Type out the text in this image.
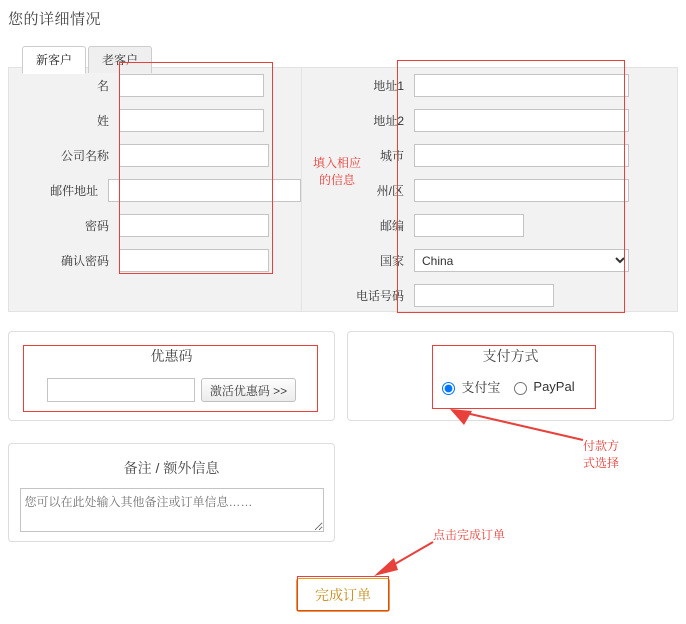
您的详细情况
新客户	老客户
名
姓
公司名称
邮件地址
密码
确认密码
地址1
地址2
城市
州/区
邮编
国家
China
电话号码
填入相应
的信息
付款方
式选择
点击完成订单
优惠码
激活优惠码 >>
支付方式
支付宝	PayPal
备注 / 额外信息
您可以在此处输入其他备注或订单信息……
完成订单
